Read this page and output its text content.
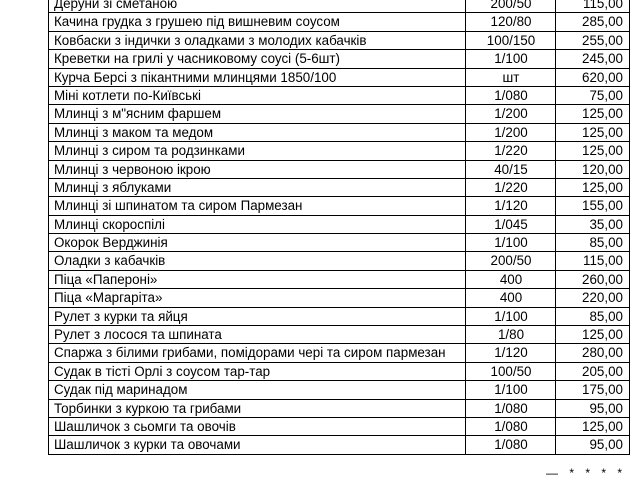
Деруни зі сметаною	200/50	115,00
Качина грудка з грушею під вишневим соусом	120/80	285,00
Ковбаски з індички з оладками з молодих кабачків	100/150	255,00
Креветки на грилі у часниковому соусі (5-6шт)	1/100	245,00
Курча Берсі з пікантними млинцями 1850/100	шт	620,00
Міні котлети по-Київські	1/080	75,00
Млинці з м"ясним фаршем	1/200	125,00
Млинці з маком та медом	1/200	125,00
Млинці з сиром та родзинками	1/220	125,00
Млинці з червоною ікрою	40/15	120,00
Млинці з яблуками	1/220	125,00
Млинці зі шпинатом та сиром Пармезан	1/120	155,00
Млинці скороспілі	1/045	35,00
Окорок Верджинія	1/100	85,00
Оладки з кабачків	200/50	115,00
Піца «Папероні»	400	260,00
Піца «Маргаріта»	400	220,00
Рулет з курки та яйця	1/100	85,00
Рулет з лосося та шпината	1/80	125,00
Спаржа з білими грибами, помідорами чері та сиром пармезан	1/120	280,00
Судак в тісті Орлі з соусом тар-тар	100/50	205,00
Судак під маринадом	1/100	175,00
Торбинки з куркою та грибами	1/080	95,00
Шашличок з сьомги та овочів	1/080	125,00
Шашличок з курки та овочами	1/080	95,00
— * * * *
